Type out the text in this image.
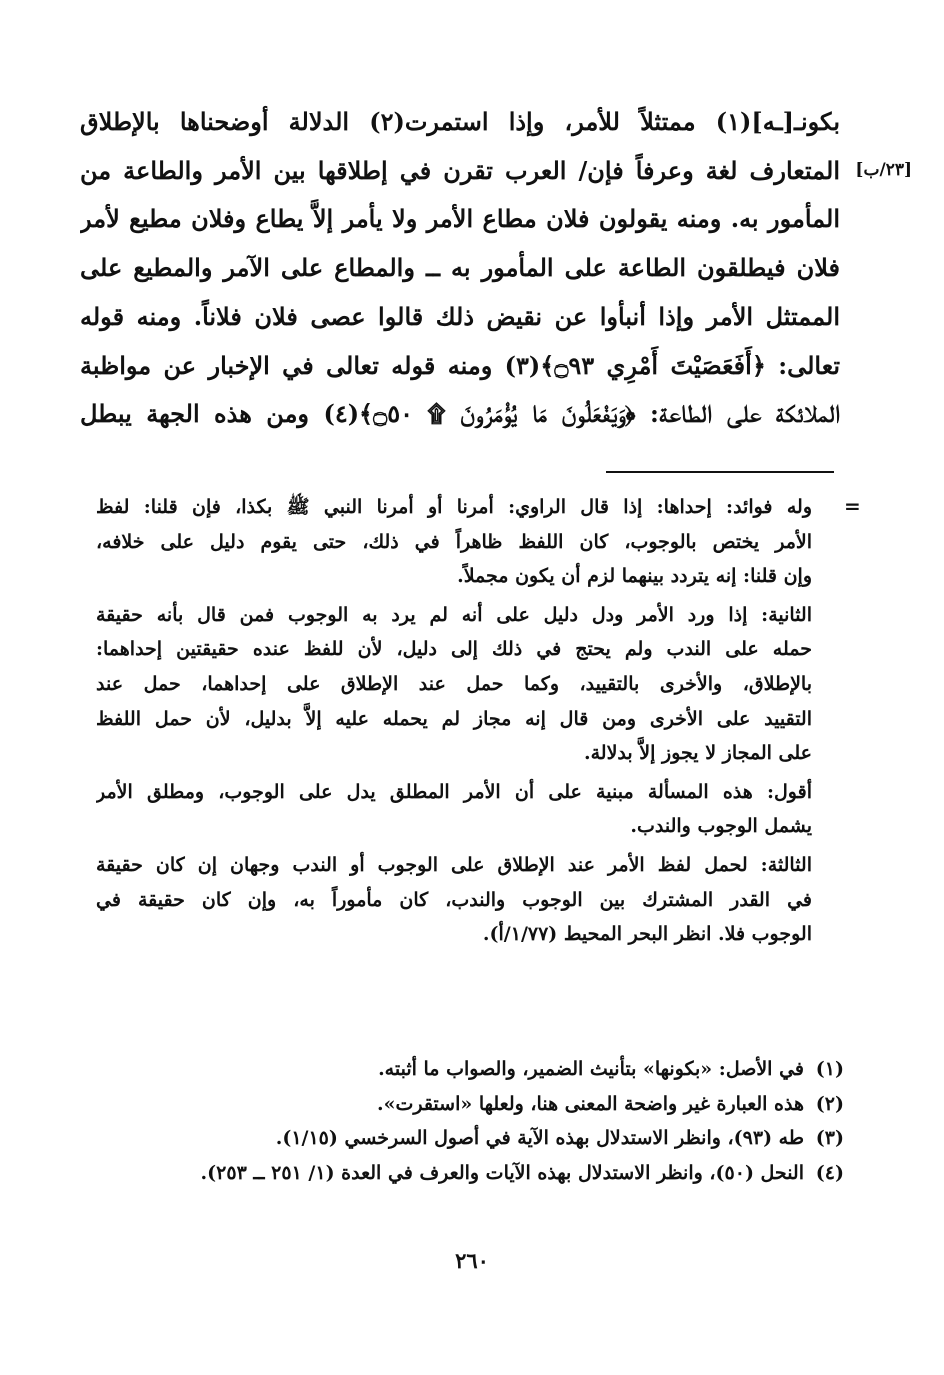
[٢٣/ب]
بكونـ[ـه](١) ممتثلاً للأمر، وإذا استمرت(٢) الدلالة أوضحناها بالإطلاق
المتعارف لغة وعرفاً فإن/ العرب تقرن في إطلاقها بين الأمر والطاعة من
المأمور به. ومنه يقولون فلان مطاع الأمر ولا يأمر إلاَّ يطاع وفلان مطيع لأمر
فلان فيطلقون الطاعة على المأمور به ــ والمطاع على الآمر والمطيع على
الممتثل الأمر وإذا أنبأوا عن نقيض ذلك قالوا عصى فلان فلاناً. ومنه قوله
تعالى: ﴿أَفَعَصَيْتَ أَمْرِي ۝٩٣﴾(٣) ومنه قوله تعالى في الإخبار عن مواظبة
الملائكة على الطاعة: ﴿وَيَفْعَلُونَ مَا يُؤْمَرُونَ ۩ ۝٥٠﴾(٤) ومن هذه الجهة يبطل
=
وله فوائد: إحداها: إذا قال الراوي: أمرنا أو أمرنا النبي ﷺ بكذا، فإن قلنا: لفظ
الأمر يختص بالوجوب، كان اللفظ ظاهراً في ذلك، حتى يقوم دليل على خلافه،
وإن قلنا: إنه يتردد بينهما لزم أن يكون مجملاً.
الثانية: إذا ورد الأمر ودل دليل على أنه لم يرد به الوجوب فمن قال بأنه حقيقة
حمله على الندب ولم يحتج في ذلك إلى دليل، لأن للفظ عنده حقيقتين إحداهما:
بالإطلاق، والأخرى بالتقييد، وكما حمل عند الإطلاق على إحداهما، حمل عند
التقييد على الأخرى ومن قال إنه مجاز لم يحمله عليه إلاَّ بدليل، لأن حمل اللفظ
على المجاز لا يجوز إلاَّ بدلالة.
أقول: هذه المسألة مبنية على أن الأمر المطلق يدل على الوجوب، ومطلق الأمر
يشمل الوجوب والندب.
الثالثة: لحمل لفظ الأمر عند الإطلاق على الوجوب أو الندب وجهان إن كان حقيقة
في القدر المشترك بين الوجوب والندب، كان مأموراً به، وإن كان حقيقة في
الوجوب فلا. انظر البحر المحيط (١/٧٧/أ).
(١)
في الأصل: «بكونها» بتأنيث الضمير، والصواب ما أثبته.
(٢)
هذه العبارة غير واضحة المعنى هنا، ولعلها «استقرت».
(٣)
طه (٩٣)، وانظر الاستدلال بهذه الآية في أصول السرخسي (١/١٥).
(٤)
النحل (٥٠)، وانظر الاستدلال بهذه الآيات والعرف في العدة (١/ ٢٥١ ــ ٢٥٣).
٢٦٠
